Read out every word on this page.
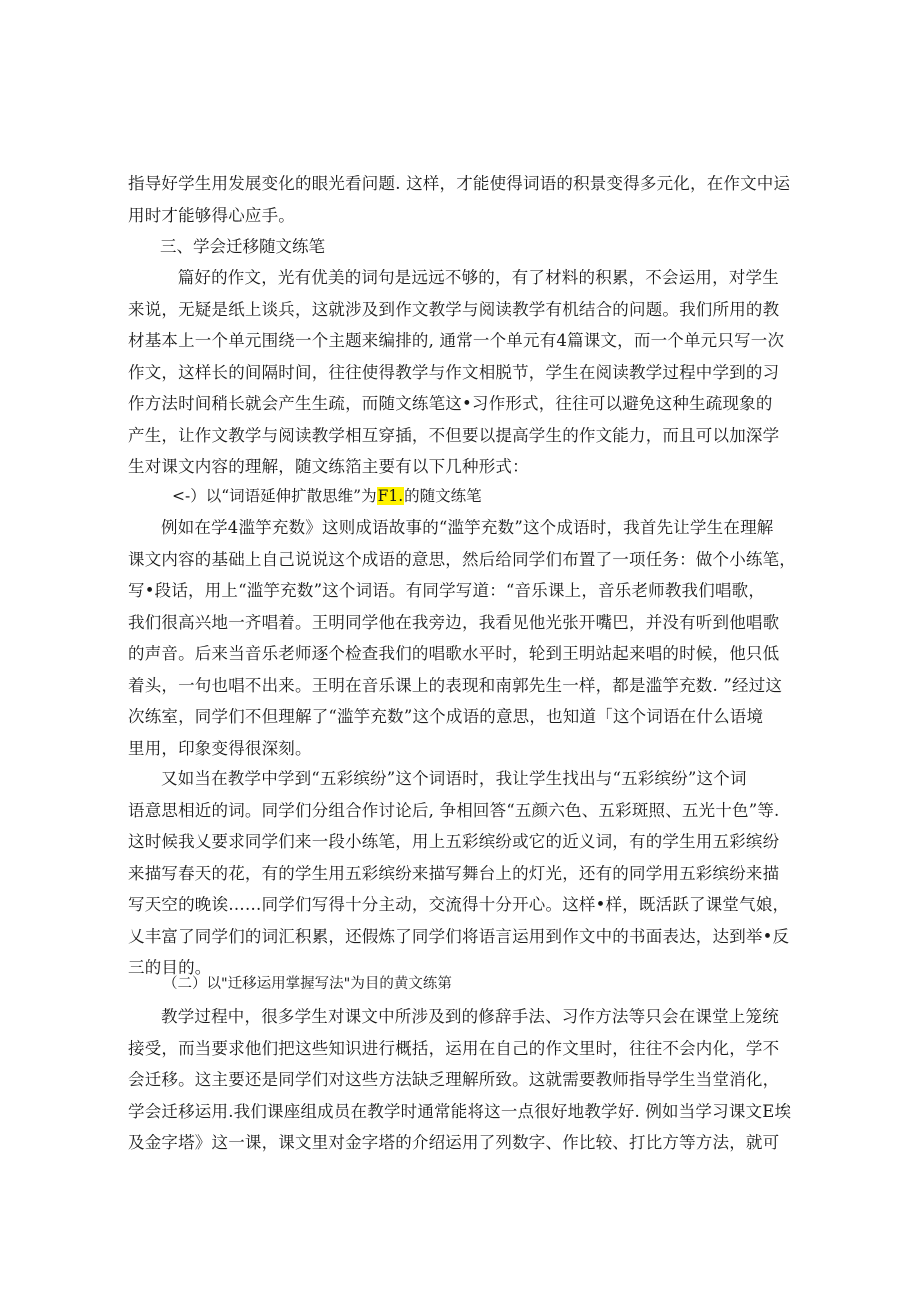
指导好学生用发展变化的眼光看问题. 这样，才能使得词语的积景变得多元化，在作文中运
用时才能够得心应手。
三、学会迁移随文练笔
　篇好的作文，光有优美的词句是远远不够的，有了材料的积累，不会运用，对学生
来说，无疑是纸上谈兵，这就涉及到作文教学与阅读教学有机结合的问题。我们所用的教
材基本上一个单元围绕一个主题来编排的, 通常一个单元有4篇课文，而一个单元只写一次
作文，这样长的间隔时间，往往使得教学与作文相脱节，学生在阅读教学过程中学到的习
作方法时间稍长就会产生生疏，而随文练笔这•习作形式，往往可以避免这种生疏现象的
产生，让作文教学与阅读教学相互穿插，不但要以提高学生的作文能力，而且可以加深学
生对课文内容的理解，随文练箔主要有以下几种形式：
<-）以“词语延伸扩散思维”为F1.的随文练笔
例如在学4滥竽充数》这则成语故事的“滥竽充数”这个成语时，我首先让学生在理解
课文内容的基础上自己说说这个成语的意思，然后给同学们布置了一项任务：做个小练笔，
写•段话，用上“滥竽充数”这个词语。有同学写道：“音乐课上，音乐老师教我们唱歌，
我们很高兴地一齐唱着。王明同学他在我旁边，我看见他光张开嘴巴，并没有听到他唱歌
的声音。后来当音乐老师逐个检查我们的唱歌水平时，轮到王明站起来唱的时候，他只低
着头，一句也唱不出来。王明在音乐课上的表现和南郭先生一样，都是滥竽充数. ”经过这
次练室，同学们不但理解了“滥竽充数”这个成语的意思，也知道「这个词语在什么语境
里用，印象变得很深刻。
又如当在教学中学到“五彩缤纷”这个词语时，我让学生找出与“五彩缤纷”这个词
语意思相近的词。同学们分组合作讨论后, 争相回答“五颜六色、五彩斑照、五光十色”等.
这时候我乂要求同学们来一段小练笔，用上五彩缤纷或它的近义词，有的学生用五彩缤纷
来描写春天的花，有的学生用五彩缤纷来描写舞台上的灯光，还有的同学用五彩缤纷来描
写天空的晚诶……同学们写得十分主动，交流得十分开心。这样•样，既活跃了课堂气娘，
乂丰富了同学们的词汇积累，还假炼了同学们将语言运用到作文中的书面表达，达到举•反
三的目的。
（二）以"迁移运用掌握写法"为目的黄文练第
教学过程中，很多学生对课文中所涉及到的修辞手法、习作方法等只会在课堂上笼统
接受，而当要求他们把这些知识进行概括，运用在自己的作文里时，往往不会内化，学不
会迁移。这主要还是同学们对这些方法缺乏理解所致。这就需要教师指导学生当堂消化，
学会迁移运用.我们课座组成员在教学时通常能将这一点很好地教学好. 例如当学习课文E埃
及金字塔》这一课，课文里对金字塔的介绍运用了列数字、作比较、打比方等方法，就可
